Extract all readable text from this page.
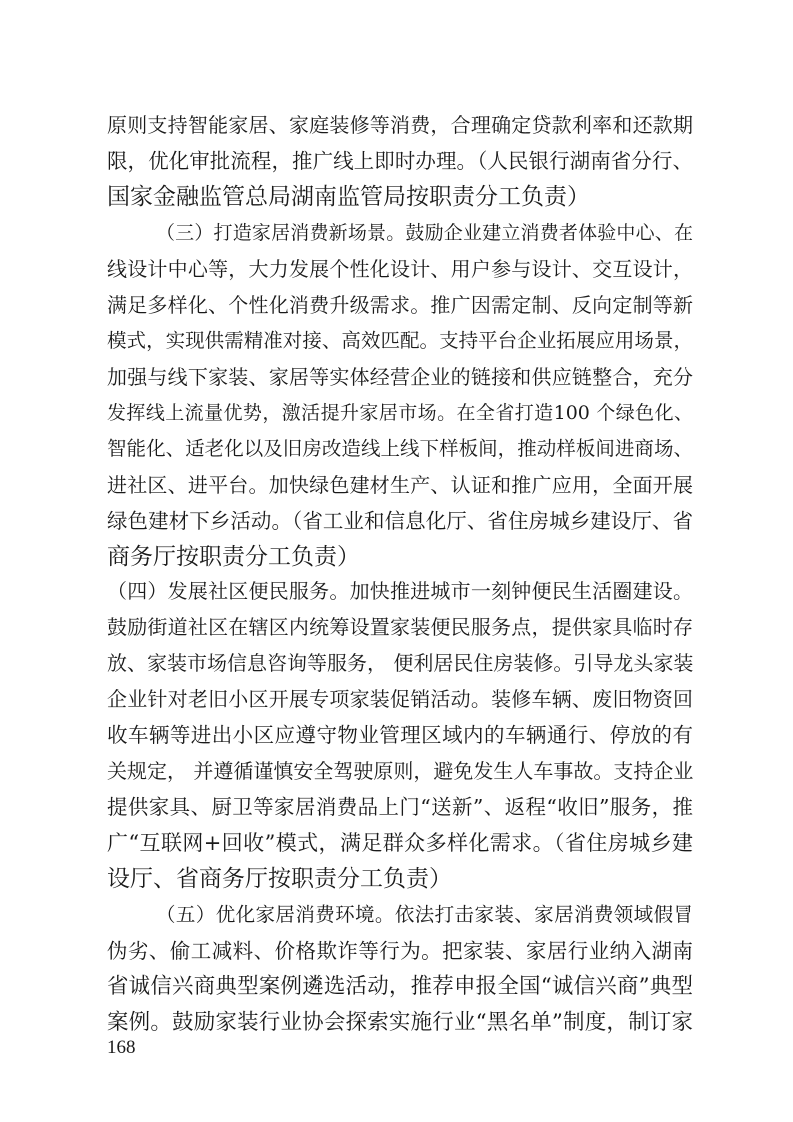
原则支持智能家居、家庭装修等消费，合理确定贷款利率和还款期
限，优化审批流程，推广线上即时办理。（人民银行湖南省分行、
国家金融监管总局湖南监管局按职责分工负责）
（三）打造家居消费新场景。鼓励企业建立消费者体验中心、在
线设计中心等，大力发展个性化设计、用户参与设计、交互设计，
满足多样化、个性化消费升级需求。推广因需定制、反向定制等新
模式，实现供需精准对接、高效匹配。支持平台企业拓展应用场景，
加强与线下家装、家居等实体经营企业的链接和供应链整合，充分
发挥线上流量优势，激活提升家居市场。在全省打造100 个绿色化、
智能化、适老化以及旧房改造线上线下样板间，推动样板间进商场、
进社区、进平台。加快绿色建材生产、认证和推广应用，全面开展
绿色建材下乡活动。（省工业和信息化厅、省住房城乡建设厅、省
商务厅按职责分工负责）
（四）发展社区便民服务。加快推进城市一刻钟便民生活圈建设。
鼓励街道社区在辖区内统筹设置家装便民服务点，提供家具临时存
放、家装市场信息咨询等服务， 便利居民住房装修。引导龙头家装
企业针对老旧小区开展专项家装促销活动。装修车辆、废旧物资回
收车辆等进出小区应遵守物业管理区域内的车辆通行、停放的有
关规定， 并遵循谨慎安全驾驶原则，避免发生人车事故。支持企业
提供家具、厨卫等家居消费品上门“送新”、返程“收旧”服务，推
广“互联网+回收”模式，满足群众多样化需求。（省住房城乡建
设厅、省商务厅按职责分工负责）
（五）优化家居消费环境。依法打击家装、家居消费领域假冒
伪劣、偷工减料、价格欺诈等行为。把家装、家居行业纳入湖南
省诚信兴商典型案例遴选活动，推荐申报全国“诚信兴商”典型
案例。鼓励家装行业协会探索实施行业“黑名单”制度，制订家
168
